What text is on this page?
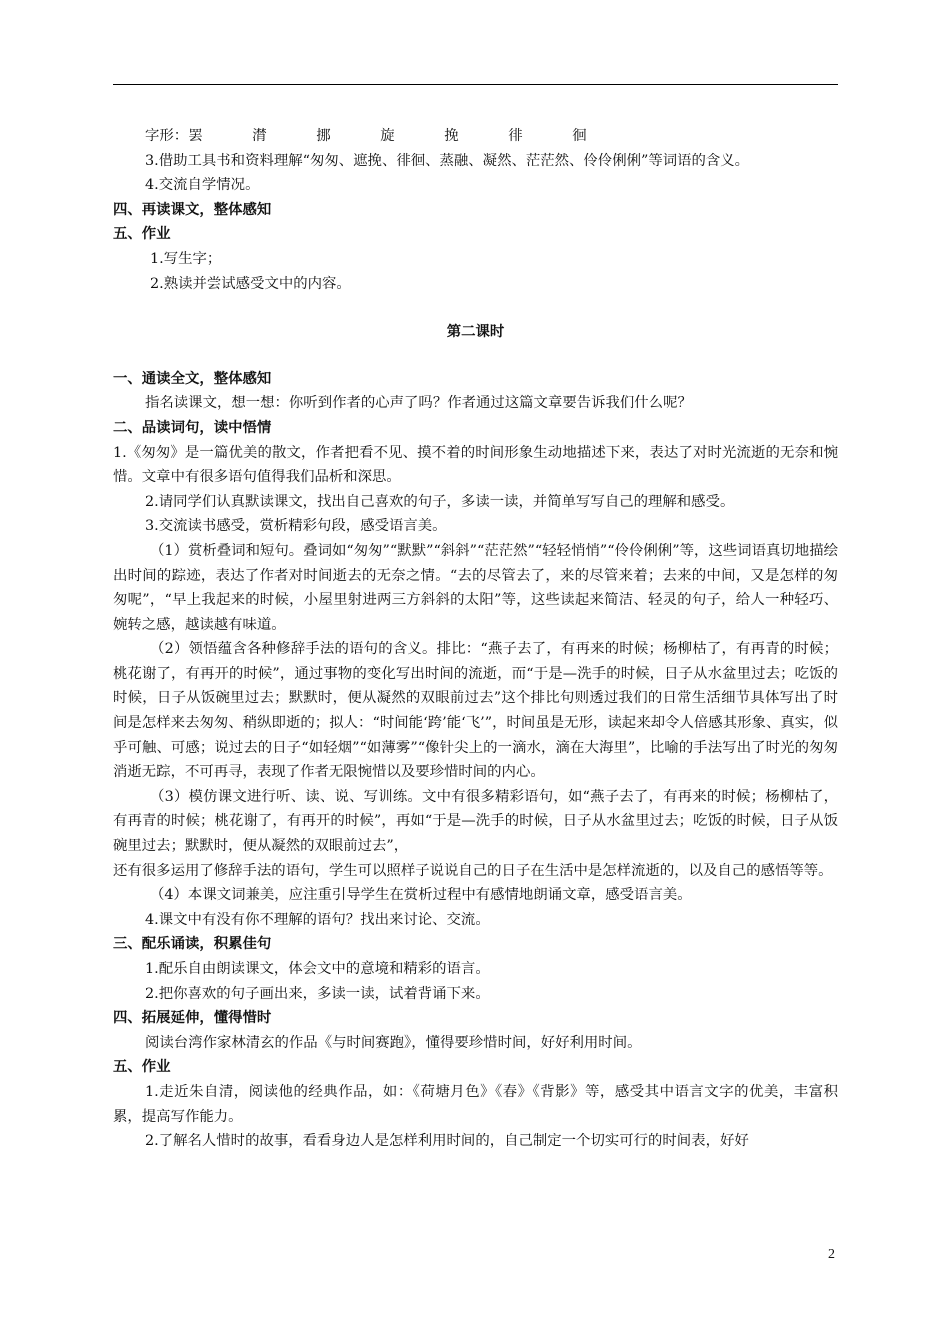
字形：罢	潸	挪	旋	挽	徘	徊
3.借助工具书和资料理解“匆匆、遮挽、徘徊、蒸融、凝然、茫茫然、伶伶俐俐”等词语的含义。
4.交流自学情况。
四、再读课文，整体感知
五、作业
1.写生字；
2.熟读并尝试感受文中的内容。
第二课时
一、通读全文，整体感知
指名读课文，想一想：你听到作者的心声了吗？作者通过这篇文章要告诉我们什么呢？
二、品读词句，读中悟情
1.《匆匆》是一篇优美的散文，作者把看不见、摸不着的时间形象生动地描述下来，表达了对时光流逝的无奈和惋惜。文章中有很多语句值得我们品析和深思。
2.请同学们认真默读课文，找出自己喜欢的句子，多读一读，并简单写写自己的理解和感受。
3.交流读书感受，赏析精彩句段，感受语言美。
（1）赏析叠词和短句。叠词如“匆匆”“默默”“斜斜”“茫茫然”“轻轻悄悄”“伶伶俐俐”等，这些词语真切地描绘出时间的踪迹，表达了作者对时间逝去的无奈之情。“去的尽管去了，来的尽管来着；去来的中间，又是怎样的匆匆呢”，“早上我起来的时候，小屋里射进两三方斜斜的太阳”等，这些读起来简洁、轻灵的句子，给人一种轻巧、婉转之感，越读越有味道。
（2）领悟蕴含各种修辞手法的语句的含义。排比：“燕子去了，有再来的时候；杨柳枯了，有再青的时候；桃花谢了，有再开的时候”，通过事物的变化写出时间的流逝，而“于是—洗手的时候，日子从水盆里过去；吃饭的时候，日子从饭碗里过去；默默时，便从凝然的双眼前过去”这个排比句则透过我们的日常生活细节具体写出了时间是怎样来去匆匆、稍纵即逝的；拟人：“时间能‘跨’能‘飞’”，时间虽是无形，读起来却令人倍感其形象、真实，似乎可触、可感；说过去的日子“如轻烟”“如薄雾”“像针尖上的一滴水，滴在大海里”，比喻的手法写出了时光的匆匆消逝无踪，不可再寻，表现了作者无限惋惜以及要珍惜时间的内心。
（3）模仿课文进行听、读、说、写训练。文中有很多精彩语句，如“燕子去了，有再来的时候；杨柳枯了，有再青的时候；桃花谢了，有再开的时候”，再如“于是—洗手的时候，日子从水盆里过去；吃饭的时候，日子从饭碗里过去；默默时，便从凝然的双眼前过去”，
还有很多运用了修辞手法的语句，学生可以照样子说说自己的日子在生活中是怎样流逝的，以及自己的感悟等等。
（4）本课文词兼美，应注重引导学生在赏析过程中有感情地朗诵文章，感受语言美。
4.课文中有没有你不理解的语句？找出来讨论、交流。
三、配乐诵读，积累佳句
1.配乐自由朗读课文，体会文中的意境和精彩的语言。
2.把你喜欢的句子画出来，多读一读，试着背诵下来。
四、拓展延伸，懂得惜时
阅读台湾作家林清玄的作品《与时间赛跑》，懂得要珍惜时间，好好利用时间。
五、作业
1.走近朱自清，阅读他的经典作品，如：《荷塘月色》《春》《背影》等，感受其中语言文字的优美，丰富积累，提高写作能力。
2.了解名人惜时的故事，看看身边人是怎样利用时间的，自己制定一个切实可行的时间表，好好
2
